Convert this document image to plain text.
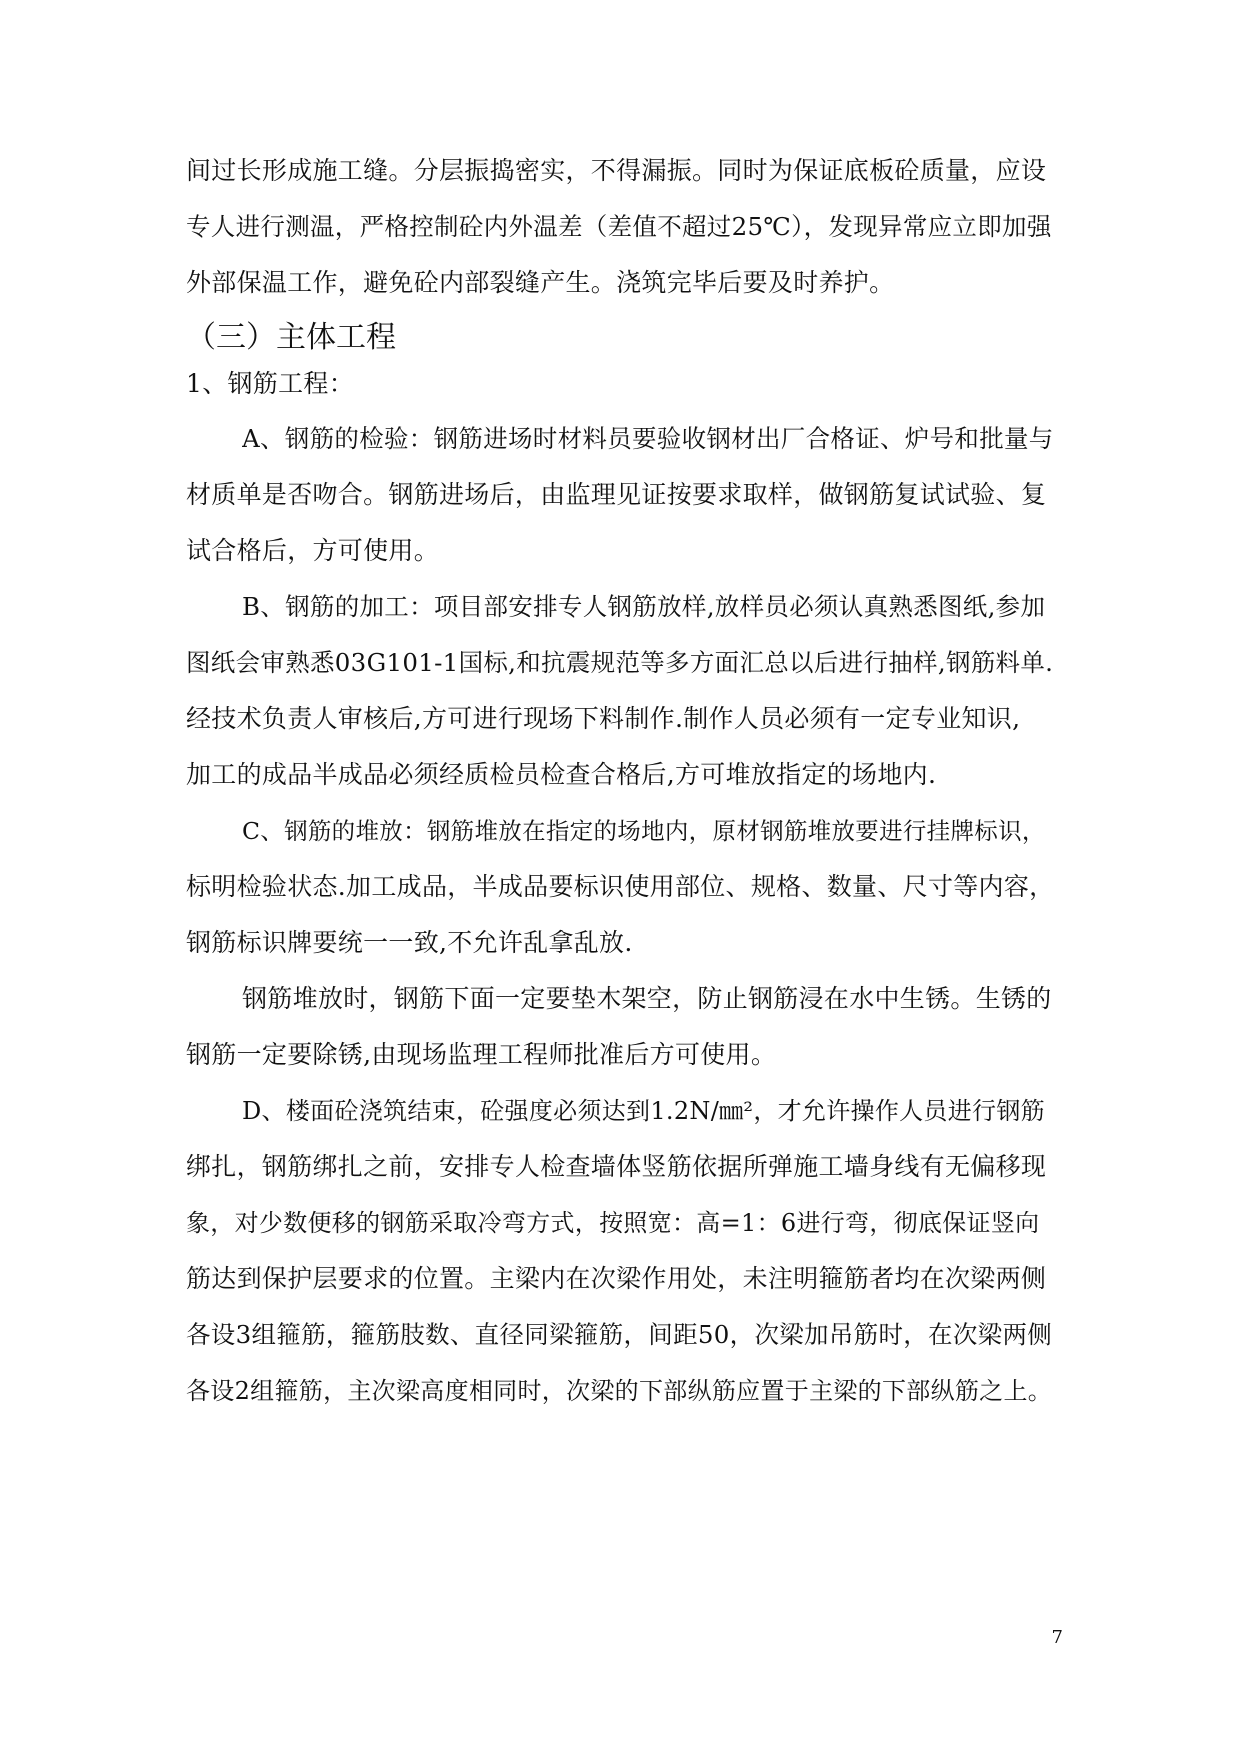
间过长形成施工缝。分层振捣密实，不得漏振。同时为保证底板砼质量，应设
专人进行测温，严格控制砼内外温差（差值不超过25℃），发现异常应立即加强
外部保温工作，避免砼内部裂缝产生。浇筑完毕后要及时养护。
（三）主体工程
1、钢筋工程：
A、钢筋的检验：钢筋进场时材料员要验收钢材出厂合格证、炉号和批量与
材质单是否吻合。钢筋进场后，由监理见证按要求取样，做钢筋复试试验、复
试合格后，方可使用。
B、钢筋的加工：项目部安排专人钢筋放样,放样员必须认真熟悉图纸,参加
图纸会审熟悉03G101-1国标,和抗震规范等多方面汇总以后进行抽样,钢筋料单.
经技术负责人审核后,方可进行现场下料制作.制作人员必须有一定专业知识,
加工的成品半成品必须经质检员检查合格后,方可堆放指定的场地内.
C、钢筋的堆放：钢筋堆放在指定的场地内，原材钢筋堆放要进行挂牌标识，
标明检验状态.加工成品，半成品要标识使用部位、规格、数量、尺寸等内容，
钢筋标识牌要统一一致,不允许乱拿乱放.
钢筋堆放时，钢筋下面一定要垫木架空，防止钢筋浸在水中生锈。生锈的
钢筋一定要除锈,由现场监理工程师批准后方可使用。
D、楼面砼浇筑结束，砼强度必须达到1.2N/㎜²，才允许操作人员进行钢筋
绑扎，钢筋绑扎之前，安排专人检查墙体竖筋依据所弹施工墙身线有无偏移现
象，对少数便移的钢筋采取冷弯方式，按照宽：高=1：6进行弯，彻底保证竖向
筋达到保护层要求的位置。主梁内在次梁作用处，未注明箍筋者均在次梁两侧
各设3组箍筋，箍筋肢数、直径同梁箍筋，间距50，次梁加吊筋时，在次梁两侧
各设2组箍筋，主次梁高度相同时，次梁的下部纵筋应置于主梁的下部纵筋之上。
7
